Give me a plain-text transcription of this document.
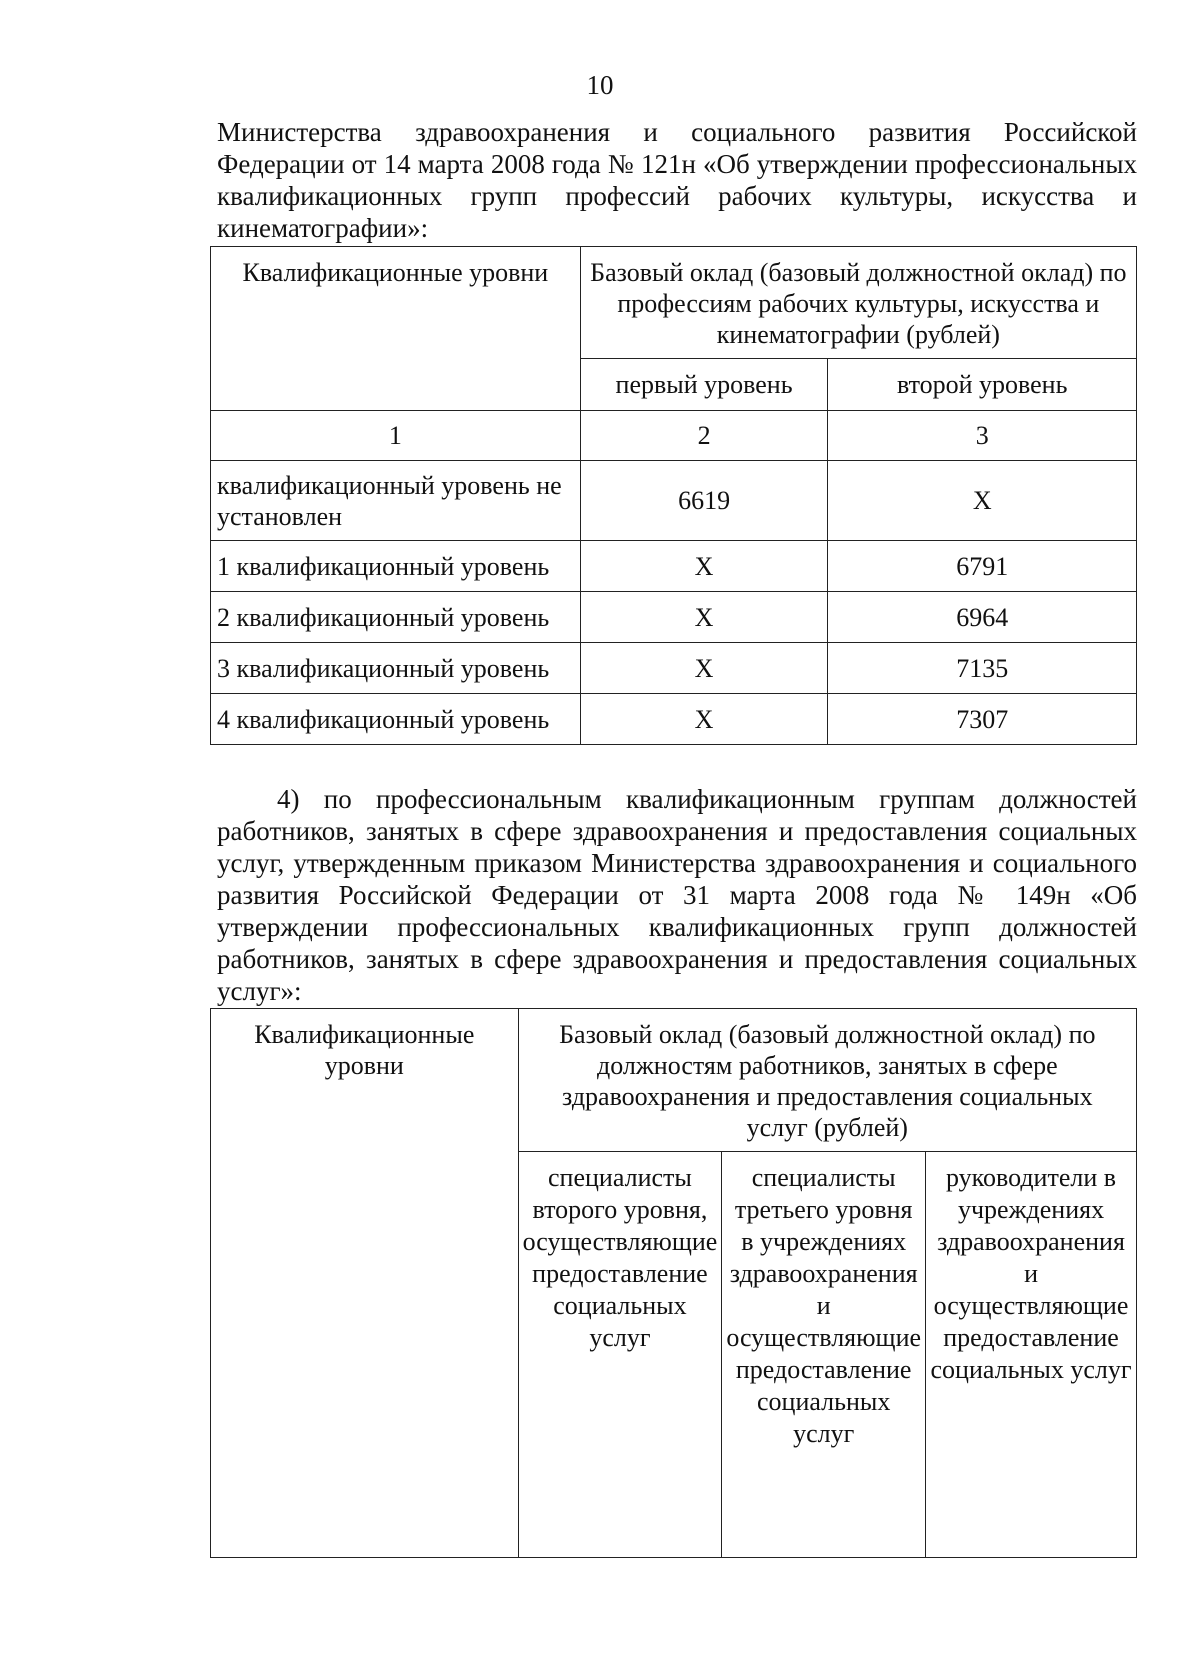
10

Министерства здравоохранения и социального развития Российской Федерации от 14 марта 2008 года № 121н «Об утверждении профессиональных квалификационных групп профессий рабочих культуры, искусства и кинематографии»:

Квалификационные уровни	Базовый оклад (базовый должностной оклад) по профессиям рабочих культуры, искусства и кинематографии (рублей)	
	первый уровень	второй уровень
1	2	3
квалификационный уровень не установлен	6619	Х
1 квалификационный уровень	Х	6791
2 квалификационный уровень	Х	6964
3 квалификационный уровень	Х	7135
4 квалификационный уровень	Х	7307

4) по профессиональным квалификационным группам должностей работников, занятых в сфере здравоохранения и предоставления социальных услуг, утвержденным приказом Министерства здравоохранения и социального развития Российской Федерации от 31 марта 2008 года № 149н «Об утверждении профессиональных квалификационных групп должностей работников, занятых в сфере здравоохранения и предоставления социальных услуг»:

Квалификационные уровни	Базовый оклад (базовый должностной оклад) по должностям работников, занятых в сфере здравоохранения и предоставления социальных услуг (рублей)		
	специалисты второго уровня, осуществляющие предоставление социальных услуг	специалисты третьего уровня в учреждениях здравоохранения и осуществляющие предоставление социальных услуг	руководители в учреждениях здравоохранения и осуществляющие предоставление социальных услуг
